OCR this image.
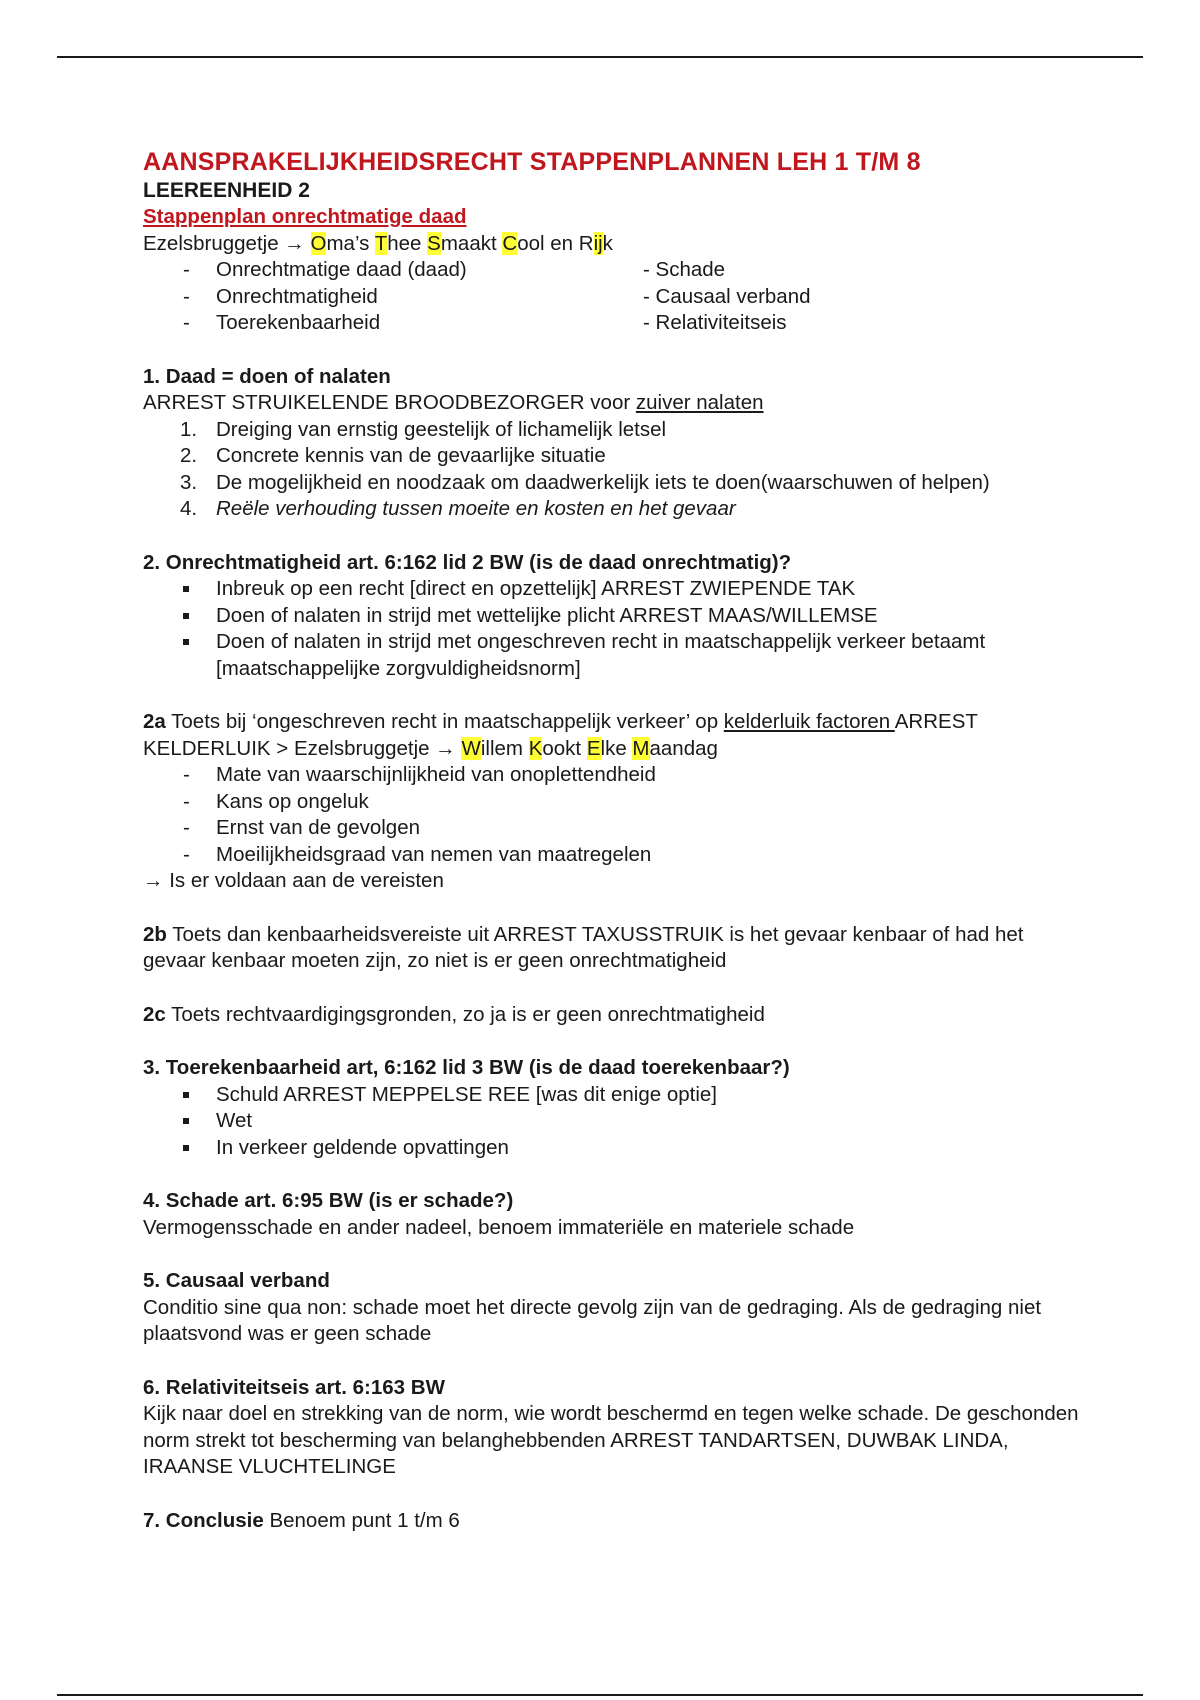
AANSPRAKELIJKHEIDSRECHT STAPPENPLANNEN LEH 1 T/M 8
LEEREENHEID 2
Stappenplan onrechtmatige daad
Ezelsbruggetje → Oma’s Thee Smaakt Cool en Rijk
- Onrechtmatige daad (daad)
- Onrechtmatigheid
- Toerekenbaarheid
- Schade
- Causaal verband
- Relativiteitseis
1. Daad = doen of nalaten
ARREST STRUIKELENDE BROODBEZORGER voor zuiver nalaten
1. Dreiging van ernstig geestelijk of lichamelijk letsel
2. Concrete kennis van de gevaarlijke situatie
3. De mogelijkheid en noodzaak om daadwerkelijk iets te doen(waarschuwen of helpen)
4. Reële verhouding tussen moeite en kosten en het gevaar
2. Onrechtmatigheid art. 6:162 lid 2 BW (is de daad onrechtmatig)?
Inbreuk op een recht [direct en opzettelijk] ARREST ZWIEPENDE TAK
Doen of nalaten in strijd met wettelijke plicht ARREST MAAS/WILLEMSE
Doen of nalaten in strijd met ongeschreven recht in maatschappelijk verkeer betaamt [maatschappelijke zorgvuldigheidsnorm]
2a Toets bij ‘ongeschreven recht in maatschappelijk verkeer’ op kelderluik factoren ARREST KELDERLUIK > Ezelsbruggetje → Willem Kookt Elke Maandag
- Mate van waarschijnlijkheid van onoplettendheid
- Kans op ongeluk
- Ernst van de gevolgen
- Moeilijkheidsgraad van nemen van maatregelen
→ Is er voldaan aan de vereisten
2b Toets dan kenbaarheidsvereiste uit ARREST TAXUSSTRUIK is het gevaar kenbaar of had het gevaar kenbaar moeten zijn, zo niet is er geen onrechtmatigheid
2c Toets rechtvaardigingsgronden, zo ja is er geen onrechtmatigheid
3. Toerekenbaarheid art, 6:162 lid 3 BW (is de daad toerekenbaar?)
Schuld ARREST MEPPELSE REE [was dit enige optie]
Wet
In verkeer geldende opvattingen
4. Schade art. 6:95 BW (is er schade?)
Vermogensschade en ander nadeel, benoem immateriële en materiele schade
5. Causaal verband
Conditio sine qua non: schade moet het directe gevolg zijn van de gedraging. Als de gedraging niet plaatsvond was er geen schade
6. Relativiteitseis art. 6:163 BW
Kijk naar doel en strekking van de norm, wie wordt beschermd en tegen welke schade. De geschonden norm strekt tot bescherming van belanghebbenden ARREST TANDARTSEN, DUWBAK LINDA, IRAANSE VLUCHTELINGE
7. Conclusie Benoem punt 1 t/m 6
